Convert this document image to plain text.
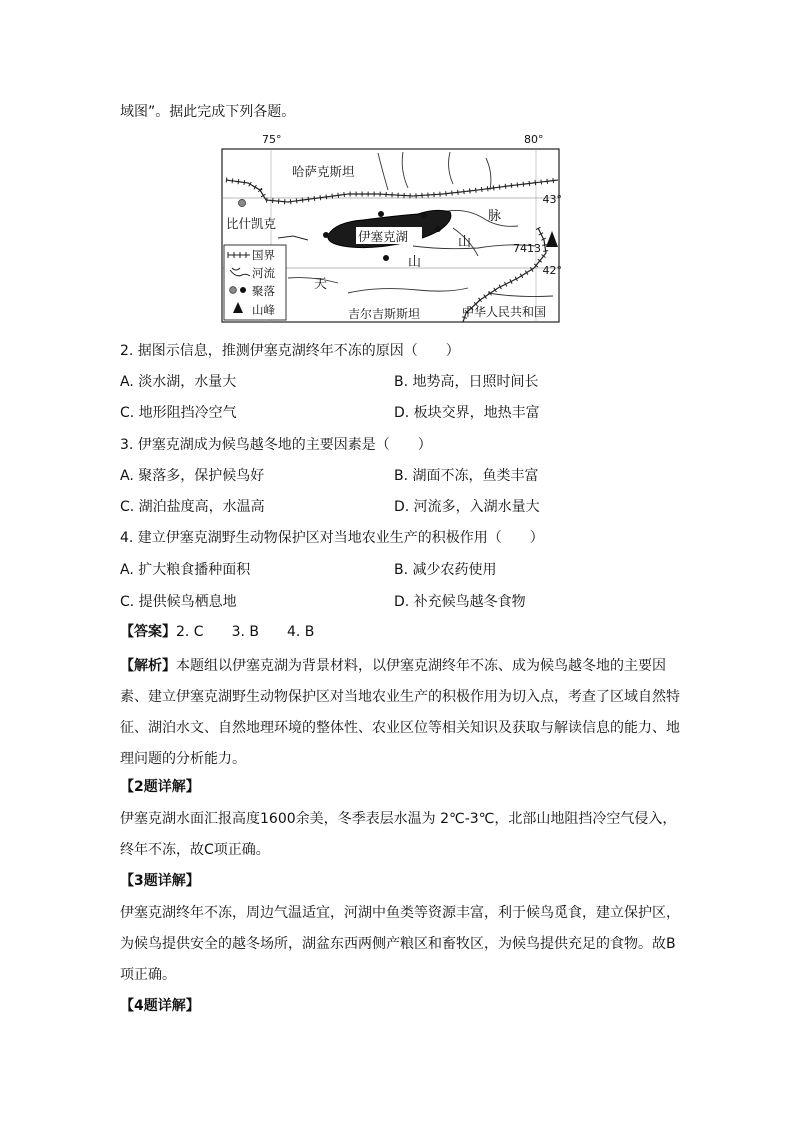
域图”。据此完成下列各题。
75°	80°
43°
42°
伊塞克湖
哈萨克斯坦
比什凯克	脉
山
山
天
7413
吉尔吉斯斯坦	中华人民共和国
国界
河流
聚落
山峰
2. 据图示信息，推测伊塞克湖终年不冻的原因（　　）
A. 淡水湖，水量大	B. 地势高，日照时间长
C. 地形阻挡冷空气	D. 板块交界，地热丰富
3. 伊塞克湖成为候鸟越冬地的主要因素是（　　）
A. 聚落多，保护候鸟好	B. 湖面不冻，鱼类丰富
C. 湖泊盐度高，水温高	D. 河流多，入湖水量大
4. 建立伊塞克湖野生动物保护区对当地农业生产的积极作用（　　）
A. 扩大粮食播种面积	B. 减少农药使用
C. 提供候鸟栖息地	D. 补充候鸟越冬食物
【答案】2. C　　3. B　　4. B
【解析】本题组以伊塞克湖为背景材料，以伊塞克湖终年不冻、成为候鸟越冬地的主要因素、建立伊塞克湖野生动物保护区对当地农业生产的积极作用为切入点，考查了区域自然特征、湖泊水文、自然地理环境的整体性、农业区位等相关知识及获取与解读信息的能力、地理问题的分析能力。
【2题详解】
伊塞克湖水面汇报高度1600余美，冬季表层水温为 2℃-3℃，北部山地阻挡冷空气侵入，终年不冻，故C项正确。
【3题详解】
伊塞克湖终年不冻，周边气温适宜，河湖中鱼类等资源丰富，利于候鸟觅食，建立保护区，为候鸟提供安全的越冬场所，湖盆东西两侧产粮区和畜牧区，为候鸟提供充足的食物。故B项正确。
【4题详解】
